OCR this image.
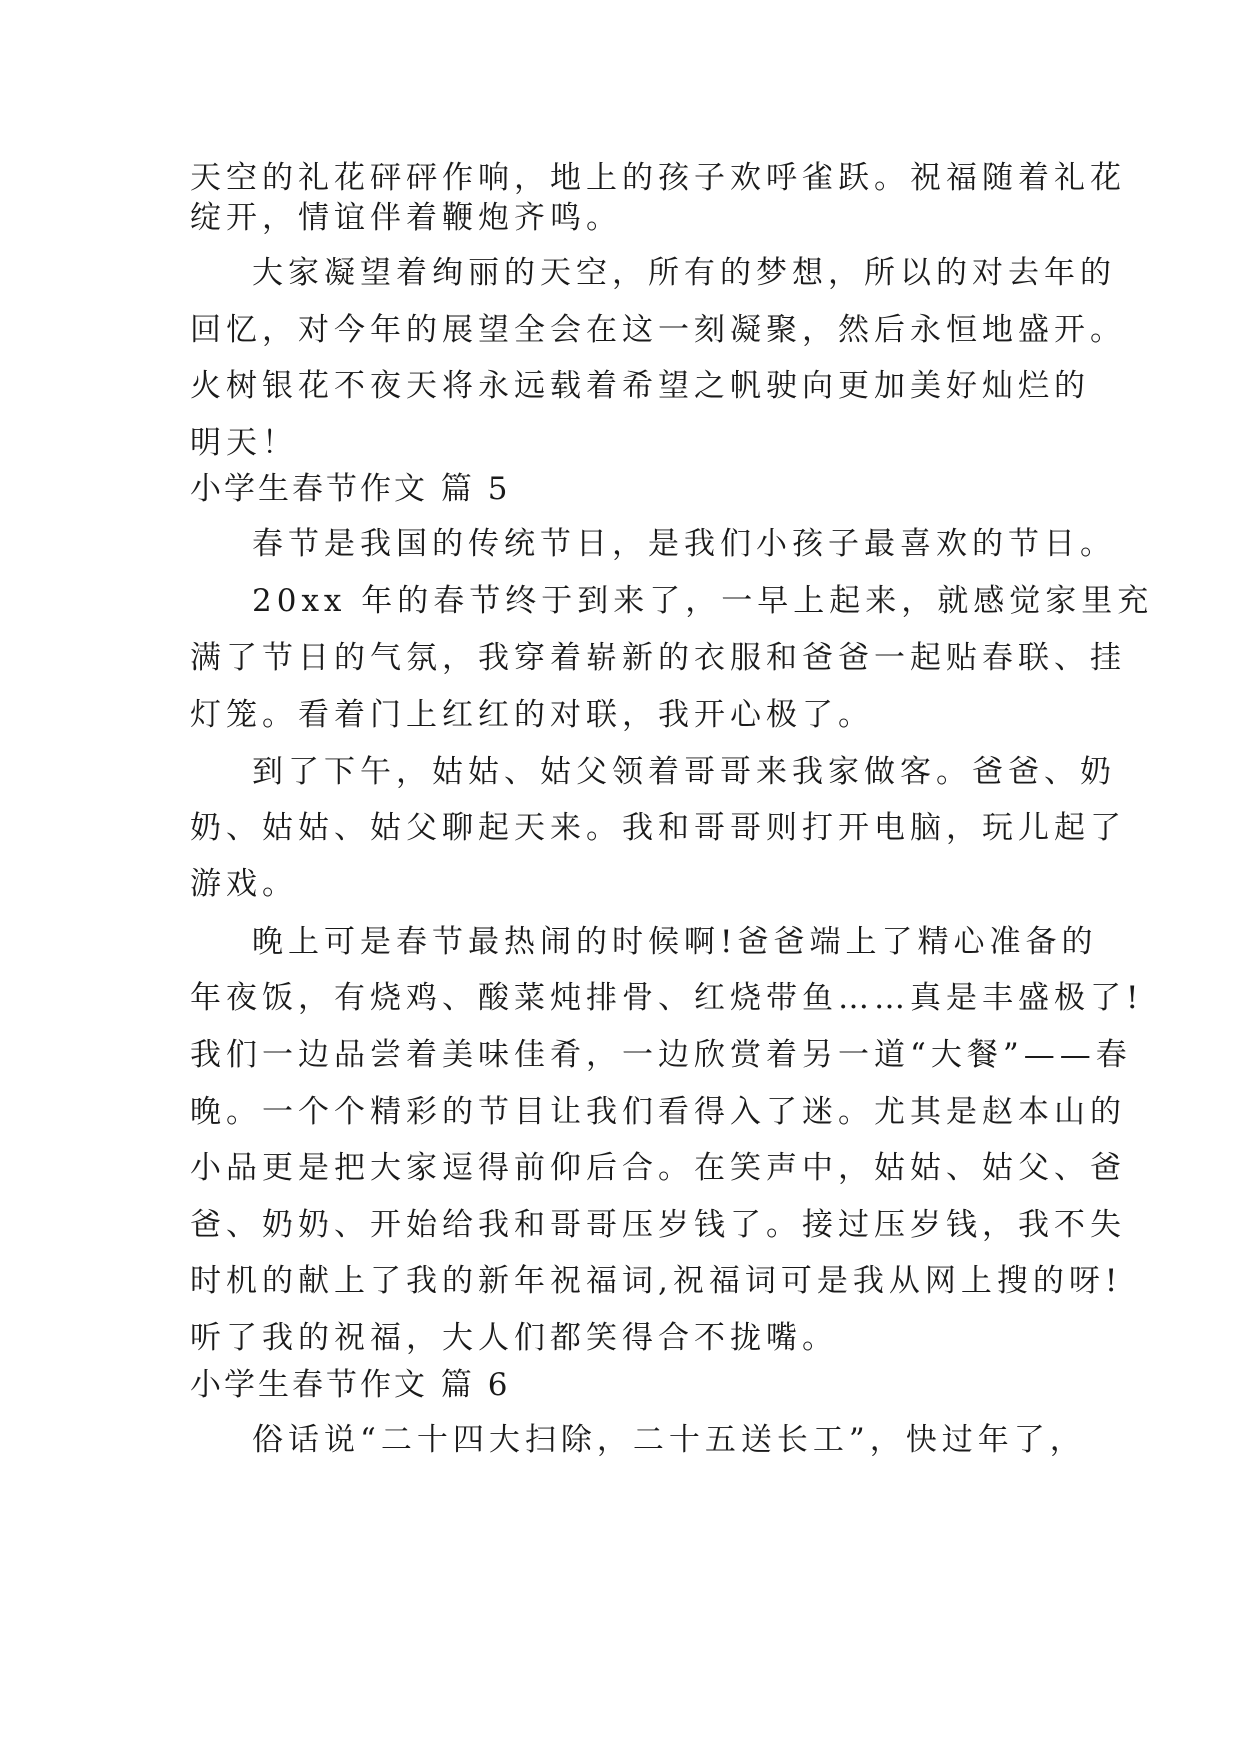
天空的礼花砰砰作响，地上的孩子欢呼雀跃。祝福随着礼花
绽开，情谊伴着鞭炮齐鸣。
大家凝望着绚丽的天空，所有的梦想，所以的对去年的
回忆，对今年的展望全会在这一刻凝聚，然后永恒地盛开。
火树银花不夜天将永远载着希望之帆驶向更加美好灿烂的
明天！
小学生春节作文 篇 5
春节是我国的传统节日，是我们小孩子最喜欢的节日。
20xx 年的春节终于到来了，一早上起来，就感觉家里充
满了节日的气氛，我穿着崭新的衣服和爸爸一起贴春联、挂
灯笼。看着门上红红的对联，我开心极了。
到了下午，姑姑、姑父领着哥哥来我家做客。爸爸、奶
奶、姑姑、姑父聊起天来。我和哥哥则打开电脑，玩儿起了
游戏。
晚上可是春节最热闹的时候啊!爸爸端上了精心准备的
年夜饭，有烧鸡、酸菜炖排骨、红烧带鱼……真是丰盛极了!
我们一边品尝着美味佳肴，一边欣赏着另一道“大餐”——春
晚。一个个精彩的节目让我们看得入了迷。尤其是赵本山的
小品更是把大家逗得前仰后合。在笑声中，姑姑、姑父、爸
爸、奶奶、开始给我和哥哥压岁钱了。接过压岁钱，我不失
时机的献上了我的新年祝福词,祝福词可是我从网上搜的呀!
听了我的祝福，大人们都笑得合不拢嘴。
小学生春节作文 篇 6
俗话说“二十四大扫除，二十五送长工”，快过年了，
